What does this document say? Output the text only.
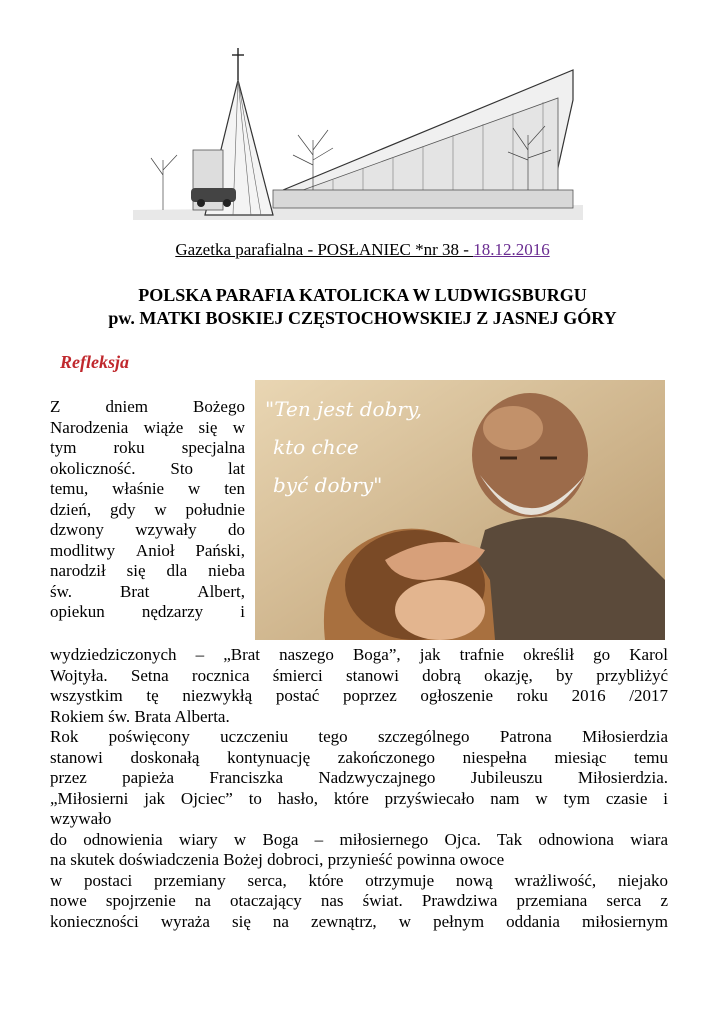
Gazetka parafialna - POSŁANIEC *nr 38 - 18.12.2016
POLSKA PARAFIA KATOLICKA W LUDWIGSBURGU
pw. MATKI BOSKIEJ CZĘSTOCHOWSKIEJ Z JASNEJ GÓRY
Refleksja
"Ten jest dobry,
kto chce
być dobry"
Z	dniem	Bożego
Narodzenia wiąże się w
tym roku specjalna
okoliczność. Sto lat
temu, właśnie w ten
dzień, gdy w południe
dzwony wzywały do
modlitwy Anioł Pański,
narodził się dla nieba
św.	Brat	Albert,
opiekun nędzarzy i
wydziedziczonych – „Brat naszego Boga”, jak trafnie określił go Karol
Wojtyła. Setna rocznica śmierci stanowi dobrą okazję, by przybliżyć
wszystkim tę niezwykłą postać poprzez ogłoszenie roku 2016 /2017
Rokiem św. Brata Alberta.
Rok poświęcony uczczeniu tego szczególnego Patrona Miłosierdzia
stanowi doskonałą kontynuację zakończonego niespełna miesiąc temu
przez papieża Franciszka Nadzwyczajnego Jubileuszu Miłosierdzia.
„Miłosierni jak Ojciec” to hasło, które przyświecało nam w tym czasie i
wzywało
do odnowienia wiary w Boga – miłosiernego Ojca. Tak odnowiona wiara
na skutek doświadczenia Bożej dobroci, przynieść powinna owoce
w postaci przemiany serca, które otrzymuje nową wrażliwość, niejako
nowe spojrzenie na otaczający nas świat. Prawdziwa przemiana serca z
konieczności wyraża się na zewnątrz, w pełnym oddania miłosiernym
